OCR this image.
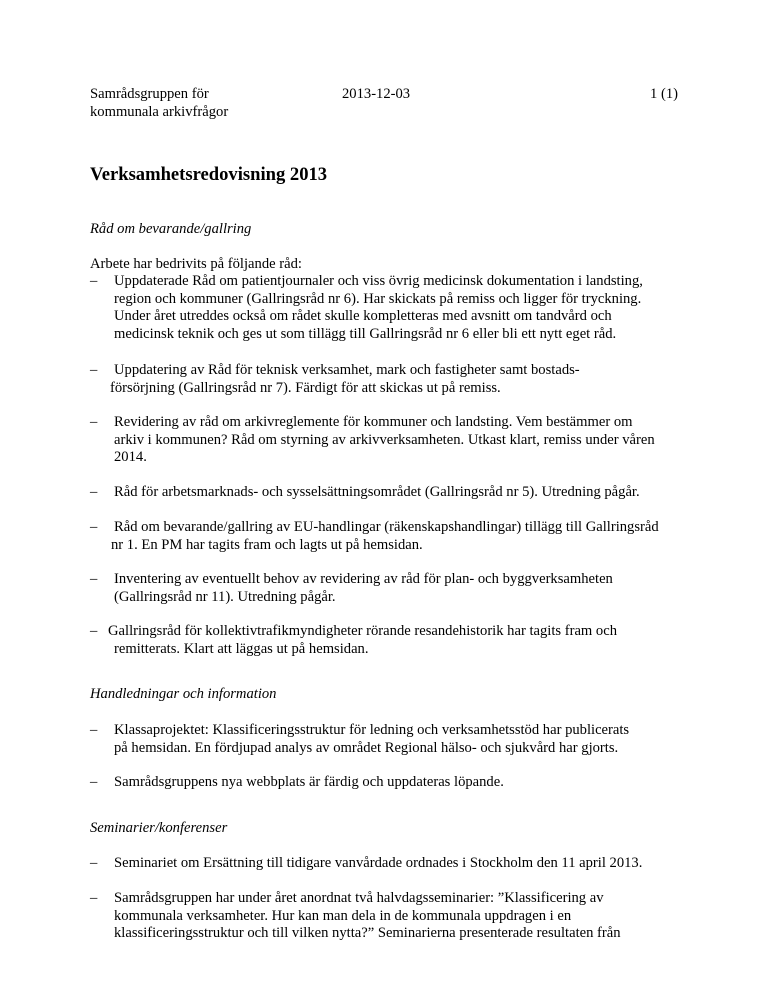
Samrådsgruppen för
kommunala arkivfrågor
2013-12-03	1 (1)
Verksamhetsredovisning 2013
Råd om bevarande/gallring
Arbete har bedrivits på följande råd:
– Uppdaterade Råd om patientjournaler och viss övrig medicinsk dokumentation i landsting,
region och kommuner (Gallringsråd nr 6). Har skickats på remiss och ligger för tryckning.
Under året utreddes också om rådet skulle kompletteras med avsnitt om tandvård och
medicinsk teknik och ges ut som tillägg till Gallringsråd nr 6 eller bli ett nytt eget råd.
– Uppdatering av Råd för teknisk verksamhet, mark och fastigheter samt bostads-
försörjning (Gallringsråd nr 7). Färdigt för att skickas ut på remiss.
– Revidering av råd om arkivreglemente för kommuner och landsting. Vem bestämmer om
arkiv i kommunen? Råd om styrning av arkivverksamheten. Utkast klart, remiss under våren
2014.
– Råd för arbetsmarknads- och sysselsättningsområdet (Gallringsråd nr 5). Utredning pågår.
– Råd om bevarande/gallring av EU-handlingar (räkenskapshandlingar) tillägg till Gallringsråd
nr 1. En PM har tagits fram och lagts ut på hemsidan.
– Inventering av eventuellt behov av revidering av råd för plan- och byggverksamheten
(Gallringsråd nr 11). Utredning pågår.
– Gallringsråd för kollektivtrafikmyndigheter rörande resandehistorik har tagits fram och
remitterats. Klart att läggas ut på hemsidan.
Handledningar och information
– Klassaprojektet: Klassificeringsstruktur för ledning och verksamhetsstöd har publicerats
på hemsidan. En fördjupad analys av området Regional hälso- och sjukvård har gjorts.
– Samrådsgruppens nya webbplats är färdig och uppdateras löpande.
Seminarier/konferenser
– Seminariet om Ersättning till tidigare vanvårdade ordnades i Stockholm den 11 april 2013.
– Samrådsgruppen har under året anordnat två halvdagsseminarier: ”Klassificering av
kommunala verksamheter. Hur kan man dela in de kommunala uppdragen i en
klassificeringsstruktur och till vilken nytta?” Seminarierna presenterade resultaten från
